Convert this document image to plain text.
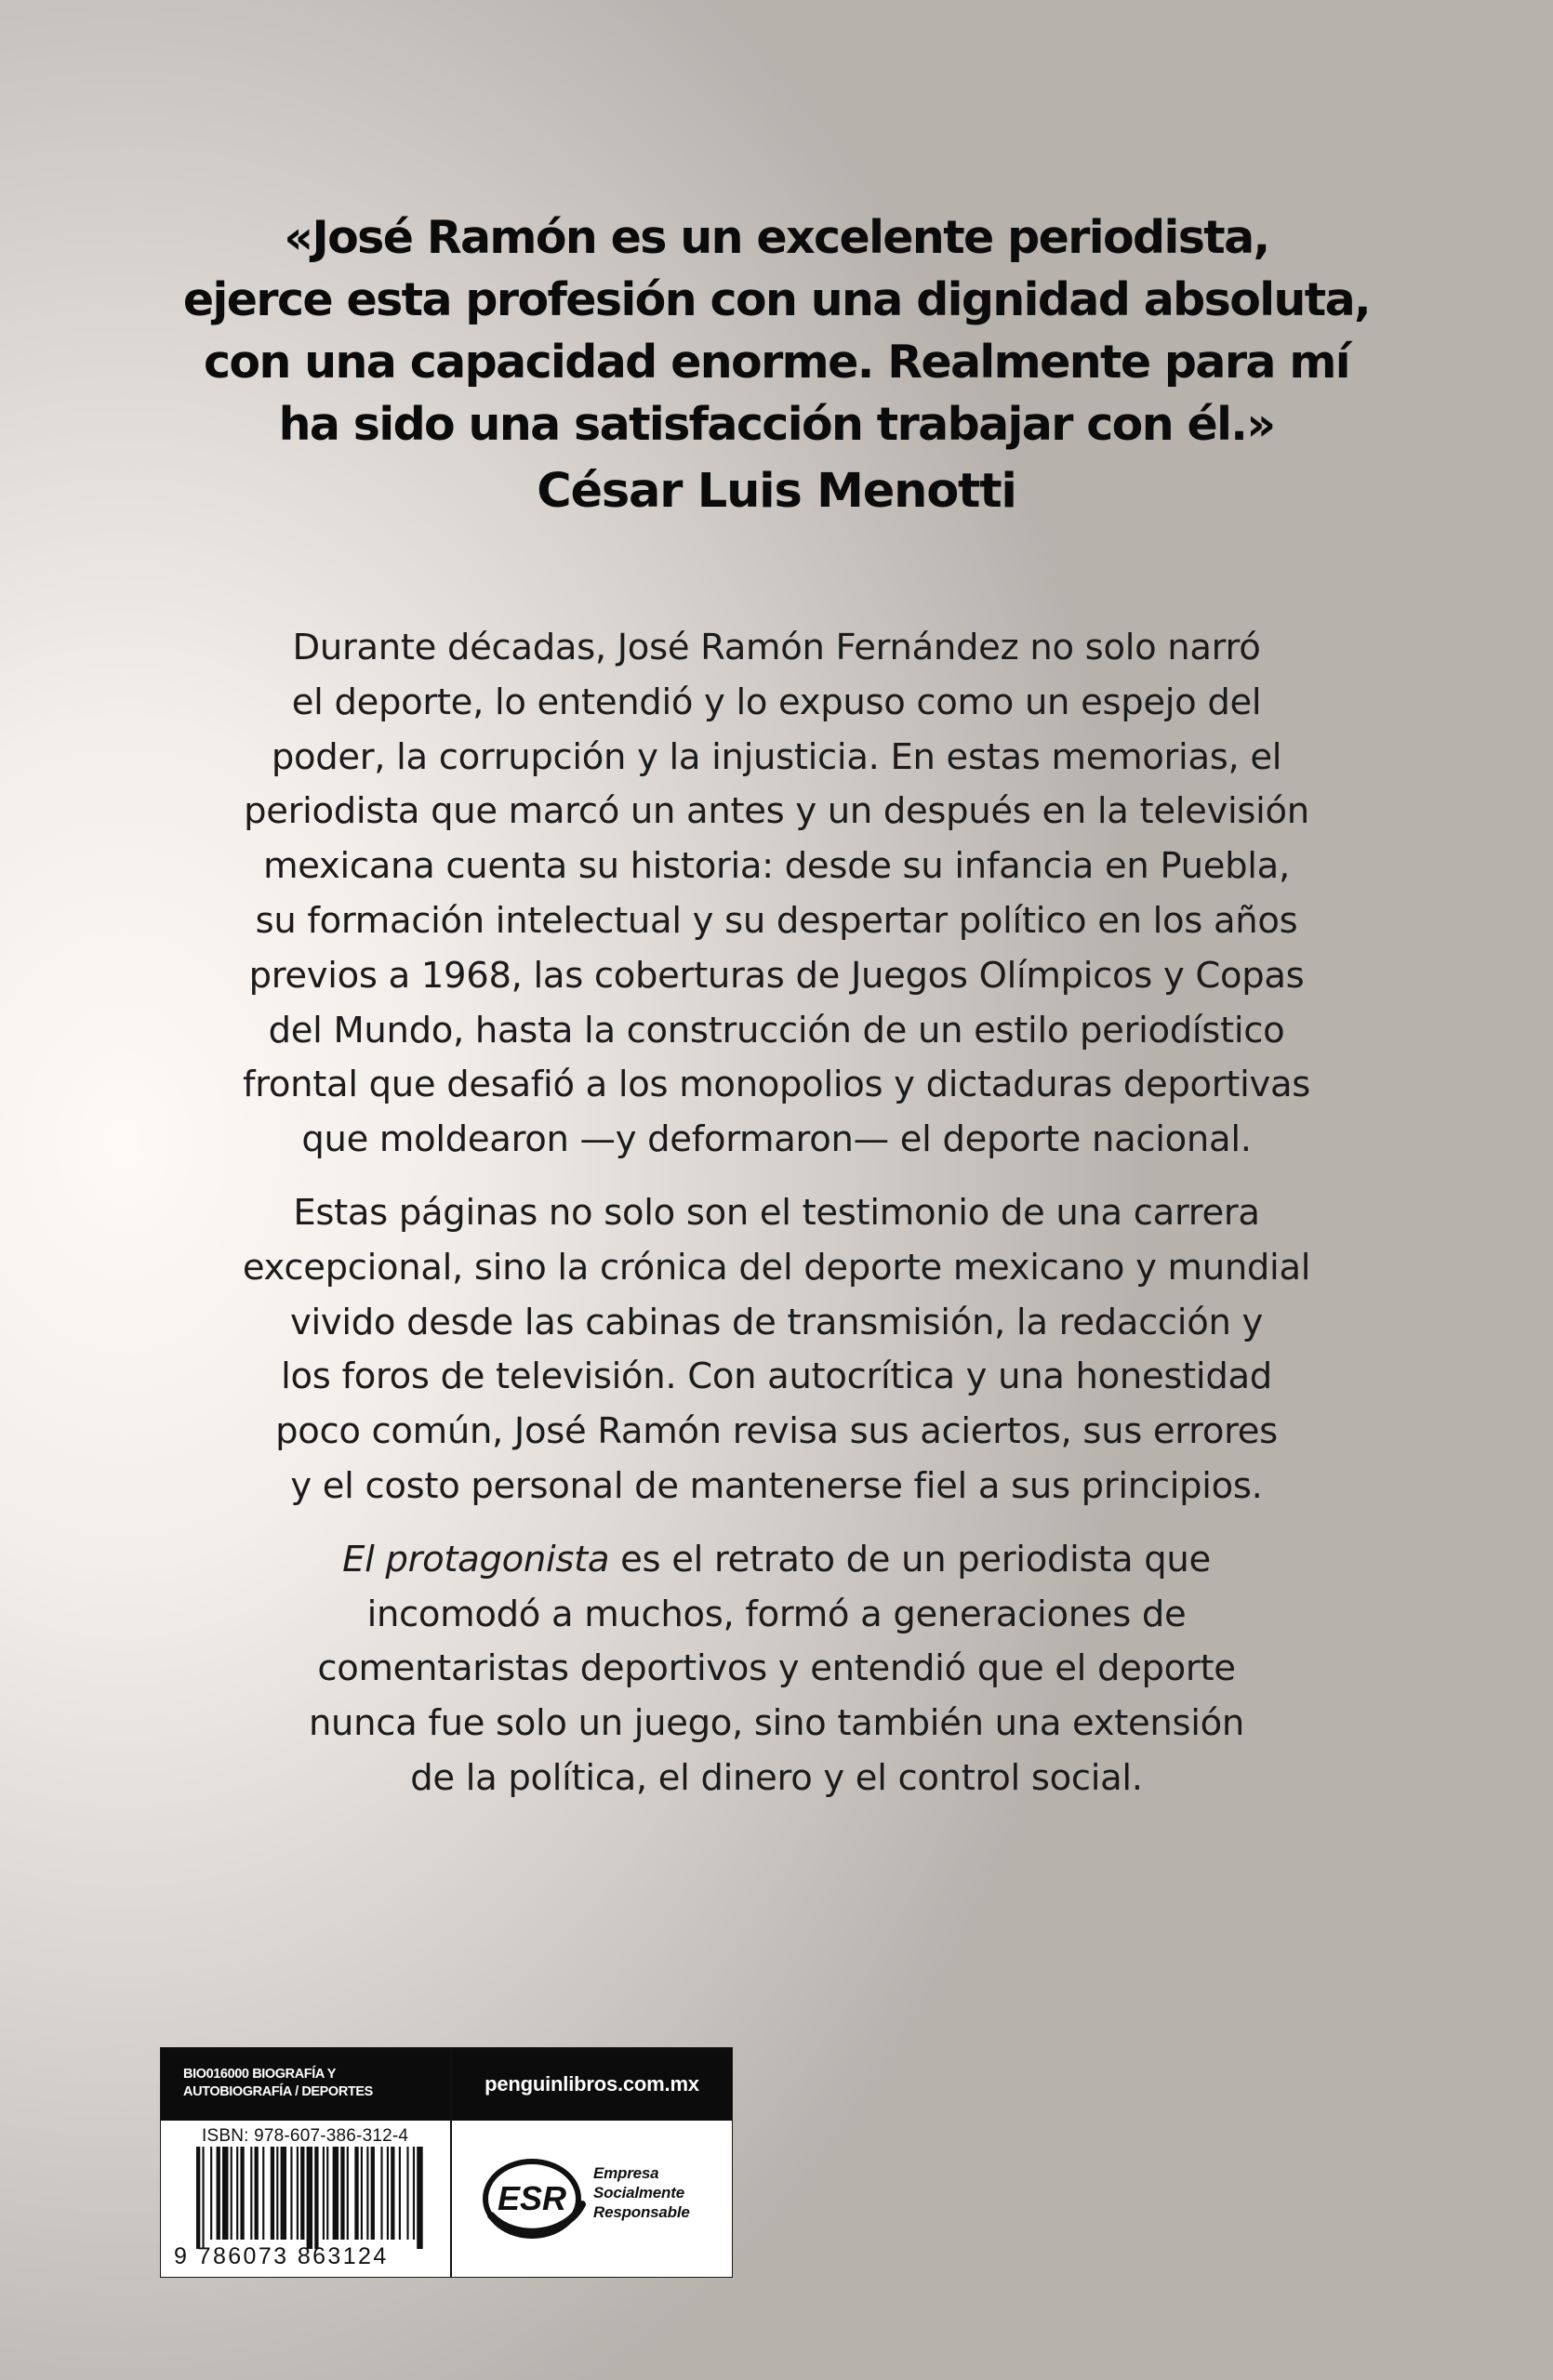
«José Ramón es un excelente periodista,
ejerce esta profesión con una dignidad absoluta,
con una capacidad enorme. Realmente para mí
ha sido una satisfacción trabajar con él.»

César Luis Menotti

Durante décadas, José Ramón Fernández no solo narró
el deporte, lo entendió y lo expuso como un espejo del
poder, la corrupción y la injusticia. En estas memorias, el
periodista que marcó un antes y un después en la televisión
mexicana cuenta su historia: desde su infancia en Puebla,
su formación intelectual y su despertar político en los años
previos a 1968, las coberturas de Juegos Olímpicos y Copas
del Mundo, hasta la construcción de un estilo periodístico
frontal que desafió a los monopolios y dictaduras deportivas
que moldearon —y deformaron— el deporte nacional.

Estas páginas no solo son el testimonio de una carrera
excepcional, sino la crónica del deporte mexicano y mundial
vivido desde las cabinas de transmisión, la redacción y
los foros de televisión. Con autocrítica y una honestidad
poco común, José Ramón revisa sus aciertos, sus errores
y el costo personal de mantenerse fiel a sus principios.

El protagonista es el retrato de un periodista que
incomodó a muchos, formó a generaciones de
comentaristas deportivos y entendió que el deporte
nunca fue solo un juego, sino también una extensión
de la política, el dinero y el control social.

BIO016000 BIOGRAFÍA Y AUTOBIOGRAFÍA / DEPORTES
ISBN: 978-607-386-312-4
9 786073 863124
penguinlibros.com.mx
ESR
Empresa
Socialmente
Responsable
